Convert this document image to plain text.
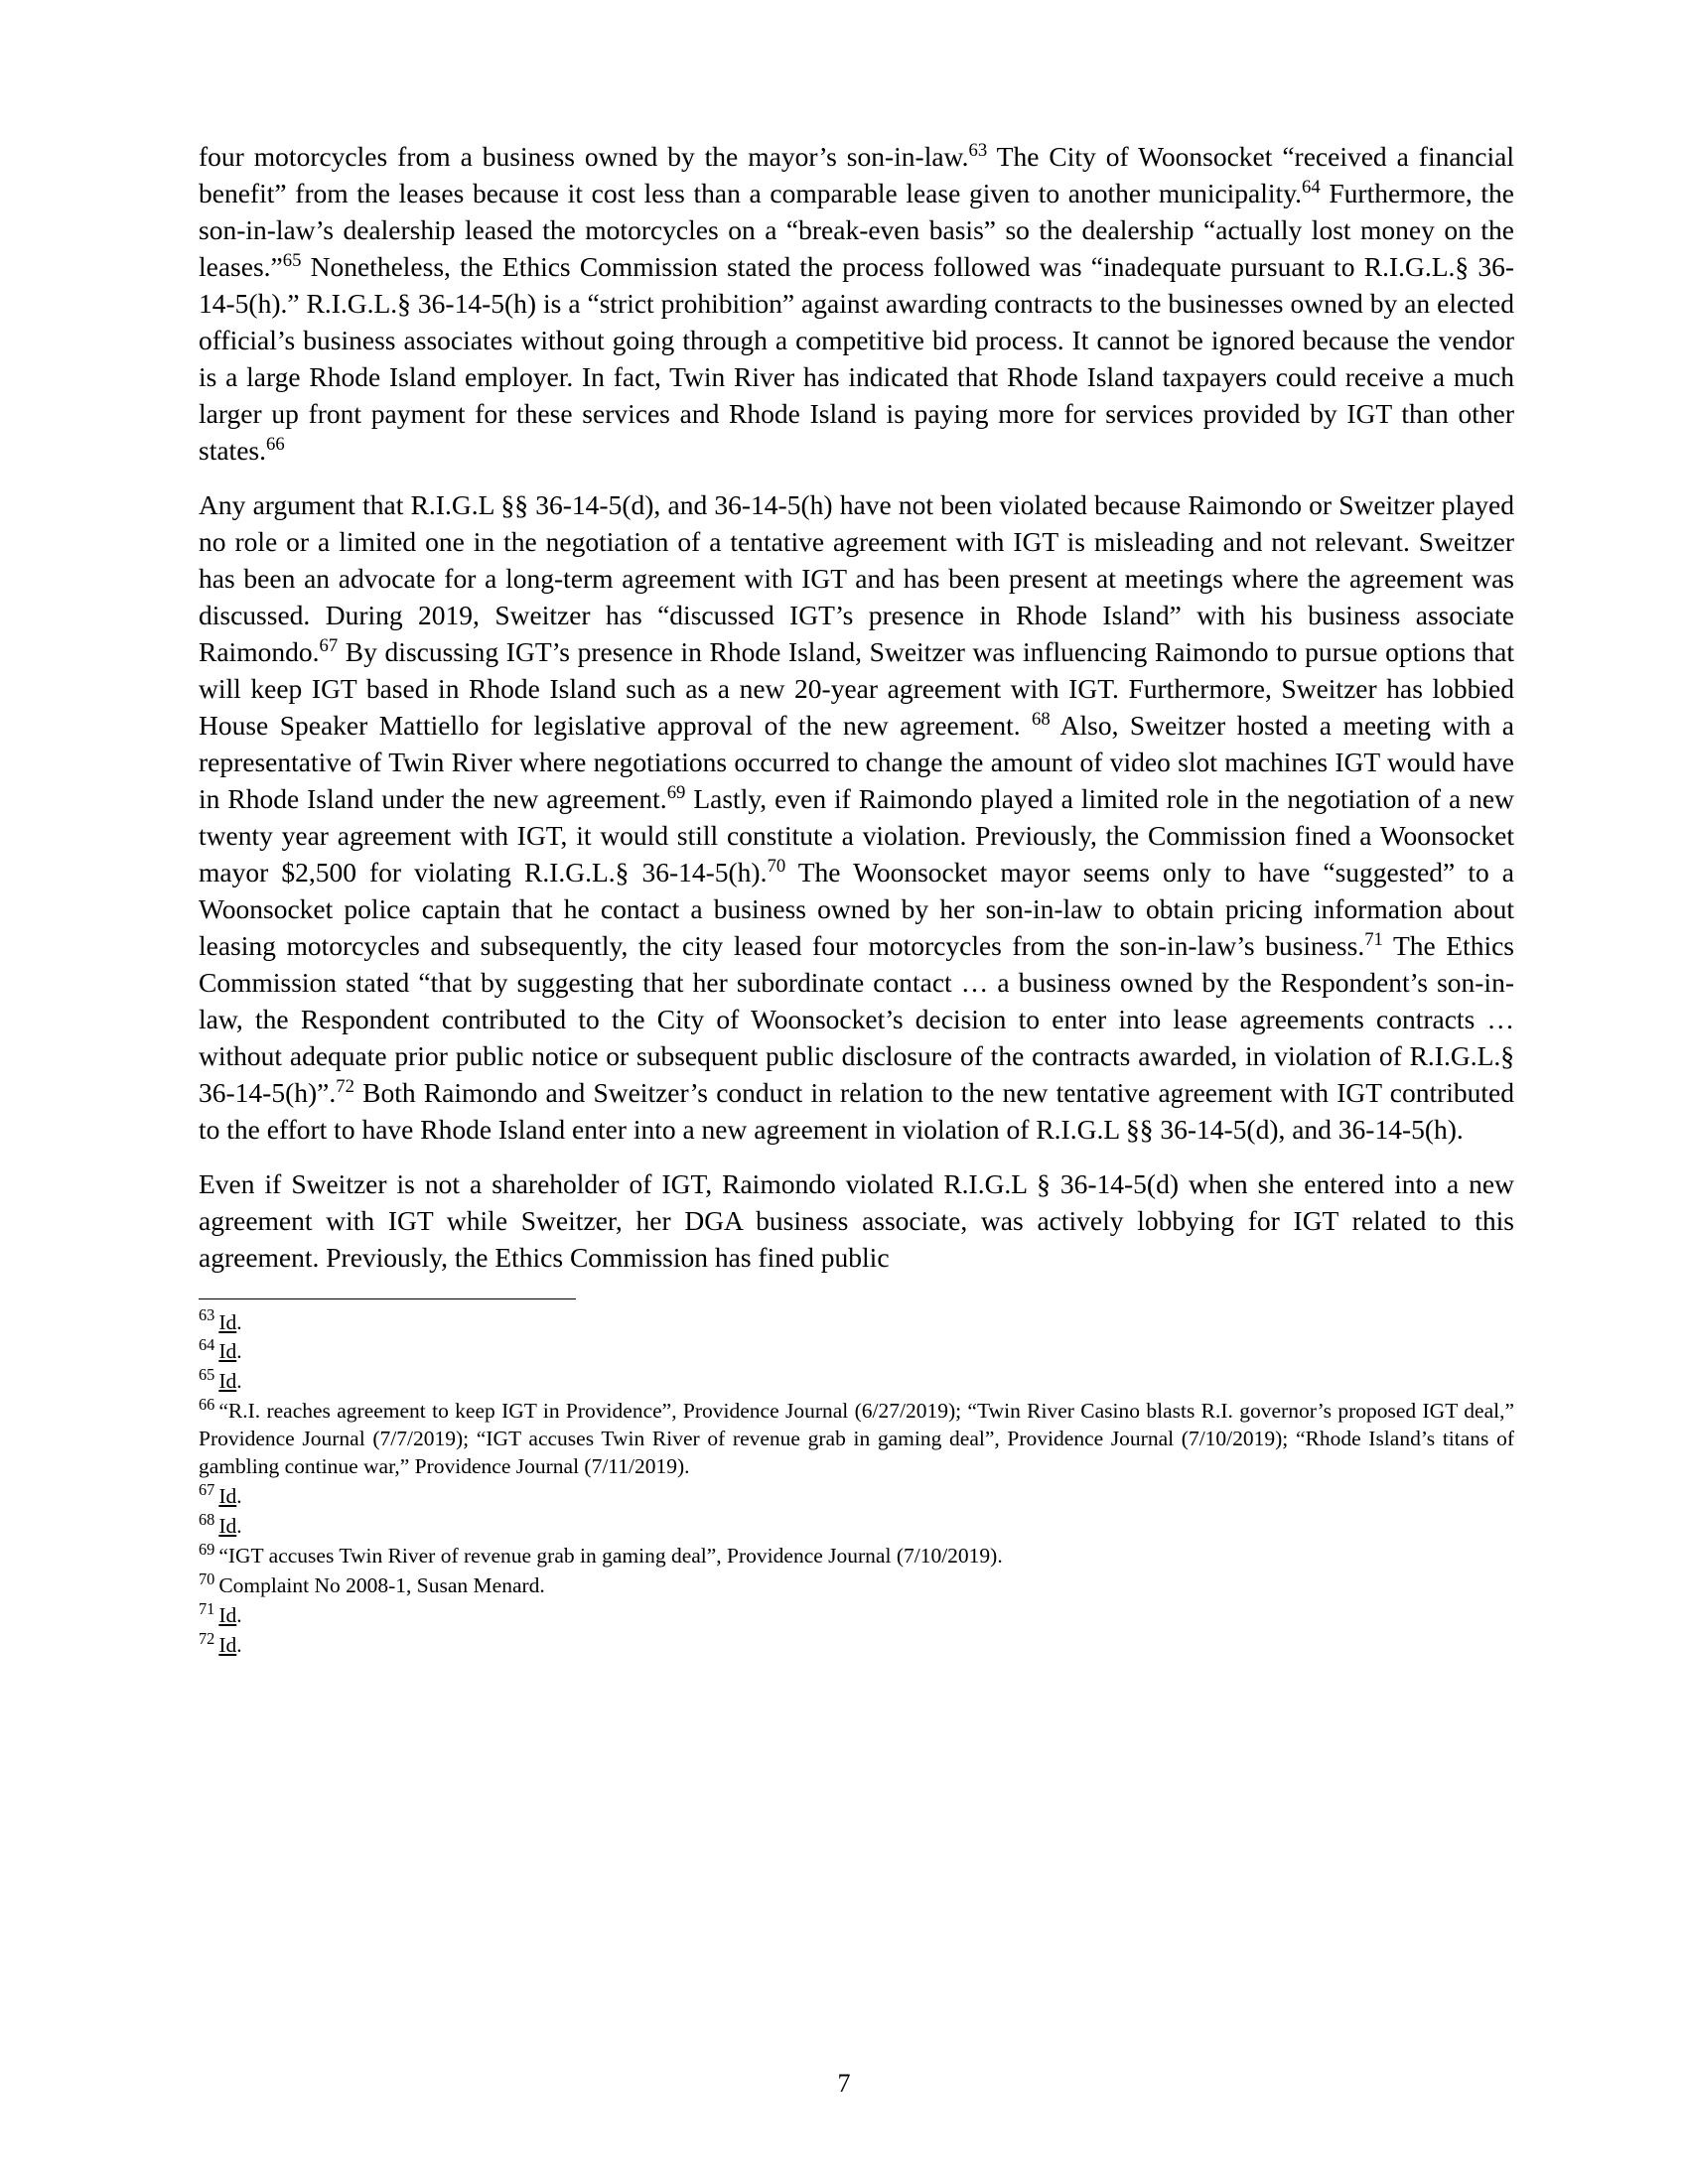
four motorcycles from a business owned by the mayor’s son-in-law.$^{63}$ The City of Woonsocket “received a financial benefit” from the leases because it cost less than a comparable lease given to another municipality.$^{64}$ Furthermore, the son-in-law’s dealership leased the motorcycles on a “break-even basis” so the dealership “actually lost money on the leases.”$^{65}$ Nonetheless, the Ethics Commission stated the process followed was “inadequate pursuant to R.I.G.L.§ 36-14-5(h).” R.I.G.L.§ 36-14-5(h) is a “strict prohibition” against awarding contracts to the businesses owned by an elected official’s business associates without going through a competitive bid process. It cannot be ignored because the vendor is a large Rhode Island employer. In fact, Twin River has indicated that Rhode Island taxpayers could receive a much larger up front payment for these services and Rhode Island is paying more for services provided by IGT than other states.$^{66}$

Any argument that R.I.G.L §§ 36-14-5(d), and 36-14-5(h) have not been violated because Raimondo or Sweitzer played no role or a limited one in the negotiation of a tentative agreement with IGT is misleading and not relevant. Sweitzer has been an advocate for a long-term agreement with IGT and has been present at meetings where the agreement was discussed. During 2019, Sweitzer has “discussed IGT’s presence in Rhode Island” with his business associate Raimondo.$^{67}$ By discussing IGT’s presence in Rhode Island, Sweitzer was influencing Raimondo to pursue options that will keep IGT based in Rhode Island such as a new 20-year agreement with IGT. Furthermore, Sweitzer has lobbied House Speaker Mattiello for legislative approval of the new agreement. $^{68}$ Also, Sweitzer hosted a meeting with a representative of Twin River where negotiations occurred to change the amount of video slot machines IGT would have in Rhode Island under the new agreement.$^{69}$ Lastly, even if Raimondo played a limited role in the negotiation of a new twenty year agreement with IGT, it would still constitute a violation. Previously, the Commission fined a Woonsocket mayor $2,500 for violating R.I.G.L.§ 36-14-5(h).$^{70}$ The Woonsocket mayor seems only to have “suggested” to a Woonsocket police captain that he contact a business owned by her son-in-law to obtain pricing information about leasing motorcycles and subsequently, the city leased four motorcycles from the son-in-law’s business.$^{71}$ The Ethics Commission stated “that by suggesting that her subordinate contact … a business owned by the Respondent’s son-in-law, the Respondent contributed to the City of Woonsocket’s decision to enter into lease agreements contracts … without adequate prior public notice or subsequent public disclosure of the contracts awarded, in violation of R.I.G.L.§ 36-14-5(h)”.$^{72}$ Both Raimondo and Sweitzer’s conduct in relation to the new tentative agreement with IGT contributed to the effort to have Rhode Island enter into a new agreement in violation of R.I.G.L §§ 36-14-5(d), and 36-14-5(h).

Even if Sweitzer is not a shareholder of IGT, Raimondo violated R.I.G.L § 36-14-5(d) when she entered into a new agreement with IGT while Sweitzer, her DGA business associate, was actively lobbying for IGT related to this agreement. Previously, the Ethics Commission has fined public

$^{63}$ Id.

$^{64}$ Id.

$^{65}$ Id.

$^{66}$ “R.I. reaches agreement to keep IGT in Providence”, Providence Journal (6/27/2019); “Twin River Casino blasts R.I. governor’s proposed IGT deal,” Providence Journal (7/7/2019); “IGT accuses Twin River of revenue grab in gaming deal”, Providence Journal (7/10/2019); “Rhode Island’s titans of gambling continue war,” Providence Journal (7/11/2019).

$^{67}$ Id.

$^{68}$ Id.

$^{69}$ “IGT accuses Twin River of revenue grab in gaming deal”, Providence Journal (7/10/2019).

$^{70}$ Complaint No 2008-1, Susan Menard.

$^{71}$ Id.

$^{72}$ Id.

7
